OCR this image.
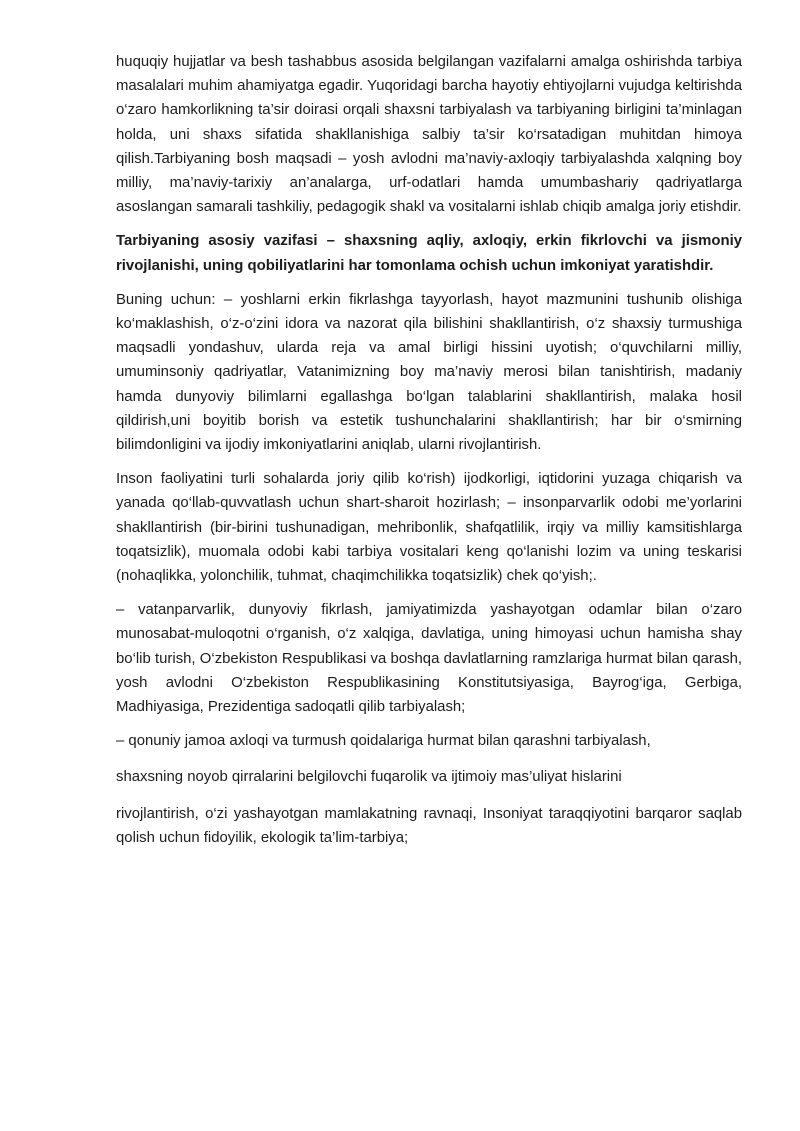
huquqiy hujjatlar va besh tashabbus asosida belgilangan vazifalarni amalga oshirishda tarbiya masalalari muhim ahamiyatga egadir. Yuqoridagi barcha hayotiy ehtiyojlarni vujudga keltirishda o‘zaro hamkorlikning ta’sir doirasi orqali shaxsni tarbiyalash va tarbiyaning birligini ta’minlagan holda, uni shaxs sifatida shakllanishiga salbiy ta’sir ko‘rsatadigan muhitdan himoya qilish.Tarbiyaning bosh maqsadi – yosh avlodni ma’naviy-axloqiy tarbiyalashda xalqning boy milliy, ma’naviy-tarixiy an’analarga, urf-odatlari hamda umumbashariy qadriyatlarga asoslangan samarali tashkiliy, pedagogik shakl va vositalarni ishlab chiqib amalga joriy etishdir.

Tarbiyaning asosiy vazifasi – shaxsning aqliy, axloqiy, erkin fikrlovchi va jismoniy rivojlanishi, uning qobiliyatlarini har tomonlama ochish uchun imkoniyat yaratishdir.

Buning uchun: – yoshlarni erkin fikrlashga tayyorlash, hayot mazmunini tushunib olishiga ko‘maklashish, o‘z-o‘zini idora va nazorat qila bilishini shakllantirish, o‘z shaxsiy turmushiga maqsadli yondashuv, ularda reja va amal birligi hissini uyotish; o‘quvchilarni milliy, umuminsoniy qadriyatlar, Vatanimizning boy ma’naviy merosi bilan tanishtirish, madaniy hamda dunyoviy bilimlarni egallashga bo‘lgan talablarini shakllantirish, malaka hosil qildirish,uni boyitib borish va estetik tushunchalarini shakllantirish; har bir o‘smirning bilimdonligini va ijodiy imkoniyatlarini aniqlab, ularni rivojlantirish.

Inson faoliyatini turli sohalarda joriy qilib ko‘rish) ijodkorligi, iqtidorini yuzaga chiqarish va yanada qo‘llab-quvvatlash uchun shart-sharoit hozirlash; – insonparvarlik odobi me’yorlarini shakllantirish (bir-birini tushunadigan, mehribonlik, shafqatlilik, irqiy va milliy kamsitishlarga toqatsizlik), muomala odobi kabi tarbiya vositalari keng qo‘lanishi lozim va uning teskarisi (nohaqlikka, yolonchilik, tuhmat, chaqimchilikka toqatsizlik) chek qo‘yish;.

– vatanparvarlik, dunyoviy fikrlash, jamiyatimizda yashayotgan odamlar bilan o‘zaro munosabat-muloqotni o‘rganish, o‘z xalqiga, davlatiga, uning himoyasi uchun hamisha shay bo‘lib turish, O‘zbekiston Respublikasi va boshqa davlatlarning ramzlariga hurmat bilan qarash, yosh avlodni O‘zbekiston Respublikasining Konstitutsiyasiga, Bayrog‘iga, Gerbiga, Madhiyasiga, Prezidentiga sadoqatli qilib tarbiyalash;

– qonuniy jamoa axloqi va turmush qoidalariga hurmat bilan qarashni tarbiyalash,

shaxsning noyob qirralarini belgilovchi fuqarolik va ijtimoiy mas’uliyat hislarini

rivojlantirish, o‘zi yashayotgan mamlakatning ravnaqi, Insoniyat taraqqiyotini barqaror saqlab qolish uchun fidoyilik, ekologik ta’lim-tarbiya;
